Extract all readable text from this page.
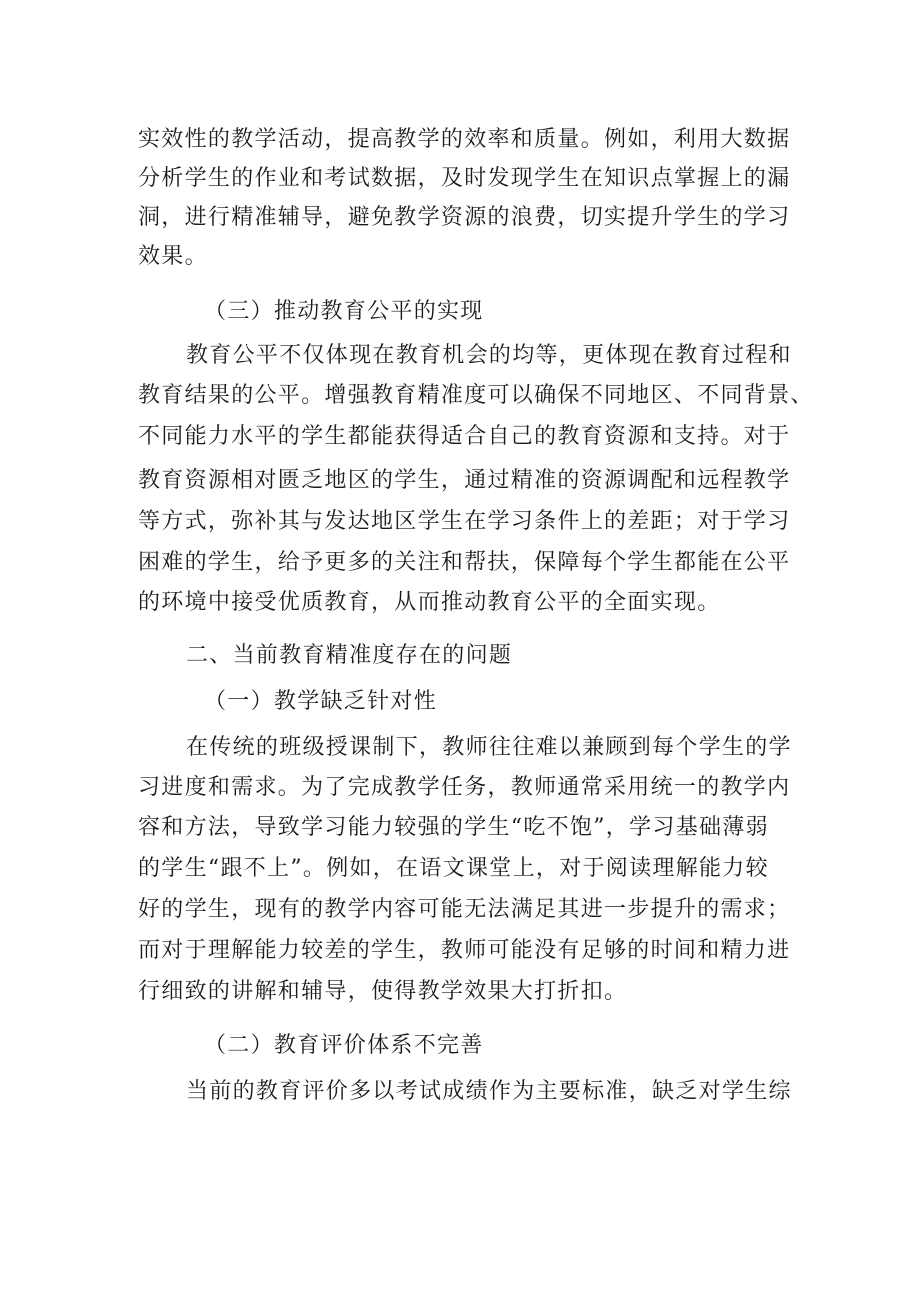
实效性的教学活动，提高教学的效率和质量。例如，利用大数据
分析学生的作业和考试数据，及时发现学生在知识点掌握上的漏
洞，进行精准辅导，避免教学资源的浪费，切实提升学生的学习
效果。
（三）推动教育公平的实现
教育公平不仅体现在教育机会的均等，更体现在教育过程和
教育结果的公平。增强教育精准度可以确保不同地区、不同背景、
不同能力水平的学生都能获得适合自己的教育资源和支持。对于
教育资源相对匮乏地区的学生，通过精准的资源调配和远程教学
等方式，弥补其与发达地区学生在学习条件上的差距；对于学习
困难的学生，给予更多的关注和帮扶，保障每个学生都能在公平
的环境中接受优质教育，从而推动教育公平的全面实现。
二、当前教育精准度存在的问题
（一）教学缺乏针对性
在传统的班级授课制下，教师往往难以兼顾到每个学生的学
习进度和需求。为了完成教学任务，教师通常采用统一的教学内
容和方法，导致学习能力较强的学生“吃不饱”，学习基础薄弱
的学生“跟不上”。例如，在语文课堂上，对于阅读理解能力较
好的学生，现有的教学内容可能无法满足其进一步提升的需求；
而对于理解能力较差的学生，教师可能没有足够的时间和精力进
行细致的讲解和辅导，使得教学效果大打折扣。
（二）教育评价体系不完善
当前的教育评价多以考试成绩作为主要标准，缺乏对学生综
